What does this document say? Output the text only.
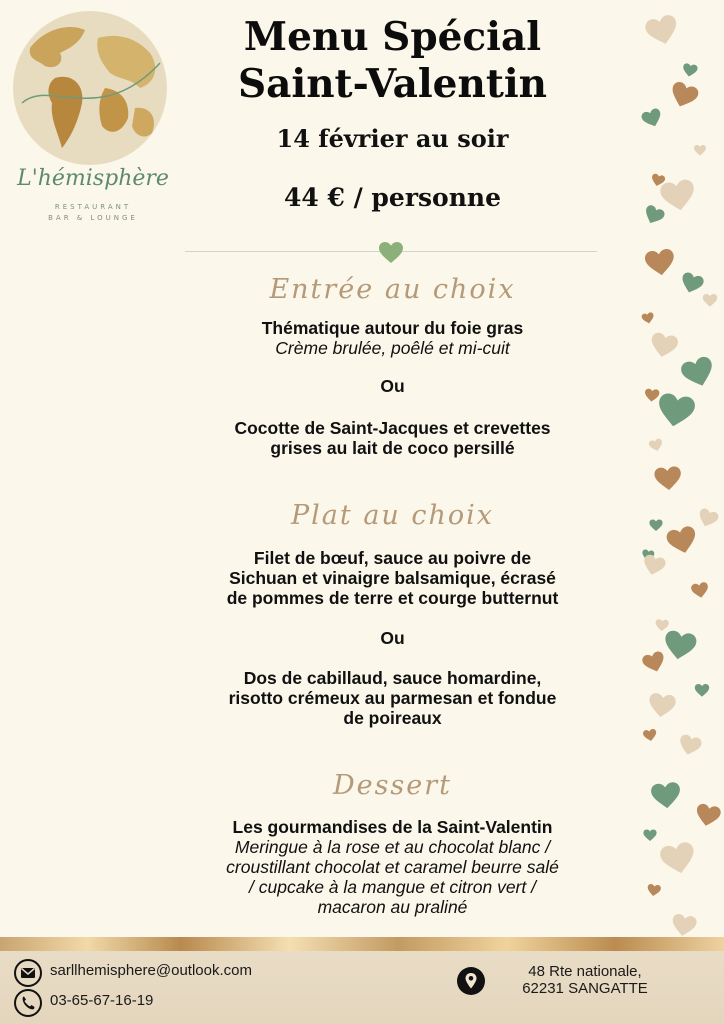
L'hémisphère
RESTAURANT
BAR & LOUNGE
Menu Spécial
Saint-Valentin
14 février au soir
44 € / personne
Entrée au choix
Thématique autour du foie gras
Crème brulée, poêlé et mi-cuit
Ou
Cocotte de Saint-Jacques et crevettes
grises au lait de coco persillé
Plat au choix
Filet de bœuf, sauce au poivre de
Sichuan et vinaigre balsamique, écrasé
de pommes de terre et courge butternut
Ou
Dos de cabillaud, sauce homardine,
risotto crémeux au parmesan et fondue
de poireaux
Dessert
Les gourmandises de la Saint-Valentin
Meringue à la rose et au chocolat blanc /
croustillant chocolat et caramel beurre salé
/ cupcake à la mangue et citron vert /
macaron au praliné
sarllhemisphere@outlook.com
03-65-67-16-19
48 Rte nationale,
62231 SANGATTE
